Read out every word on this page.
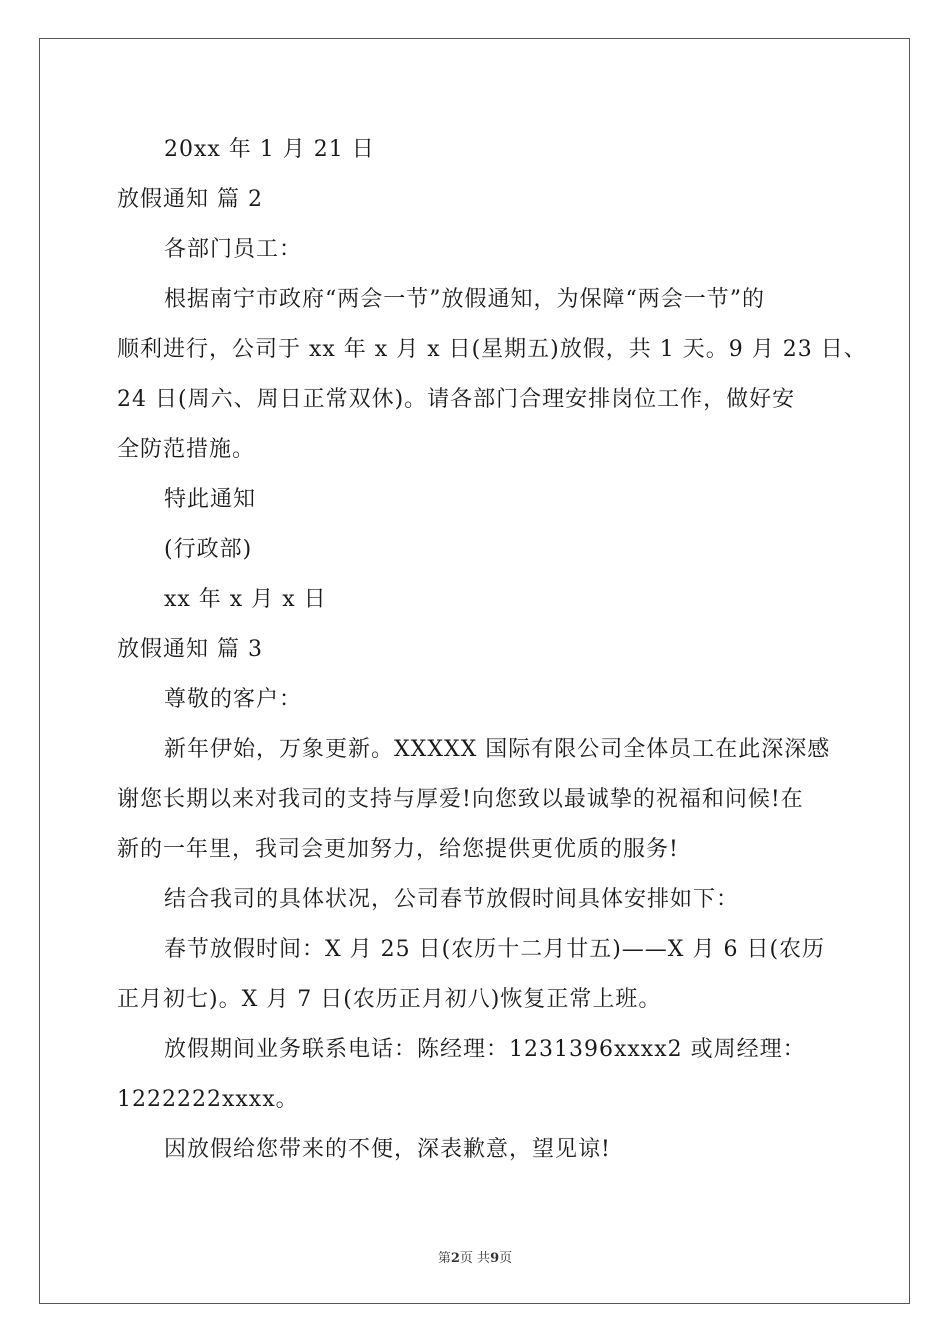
20xx 年 1 月 21 日
放假通知 篇 2
各部门员工：
根据南宁市政府“两会一节”放假通知，为保障“两会一节”的
顺利进行，公司于 xx 年 x 月 x 日(星期五)放假，共 1 天。9 月 23 日、
24 日(周六、周日正常双休)。请各部门合理安排岗位工作，做好安
全防范措施。
特此通知
(行政部)
xx 年 x 月 x 日
放假通知 篇 3
尊敬的客户：
新年伊始，万象更新。XXXXX 国际有限公司全体员工在此深深感
谢您长期以来对我司的支持与厚爱!向您致以最诚挚的祝福和问候!在
新的一年里，我司会更加努力，给您提供更优质的服务!
结合我司的具体状况，公司春节放假时间具体安排如下：
春节放假时间：X 月 25 日(农历十二月廿五)——X 月 6 日(农历
正月初七)。X 月 7 日(农历正月初八)恢复正常上班。
放假期间业务联系电话：陈经理：1231396xxxx2 或周经理：
1222222xxxx。
因放假给您带来的不便，深表歉意，望见谅!
第2页 共9页
